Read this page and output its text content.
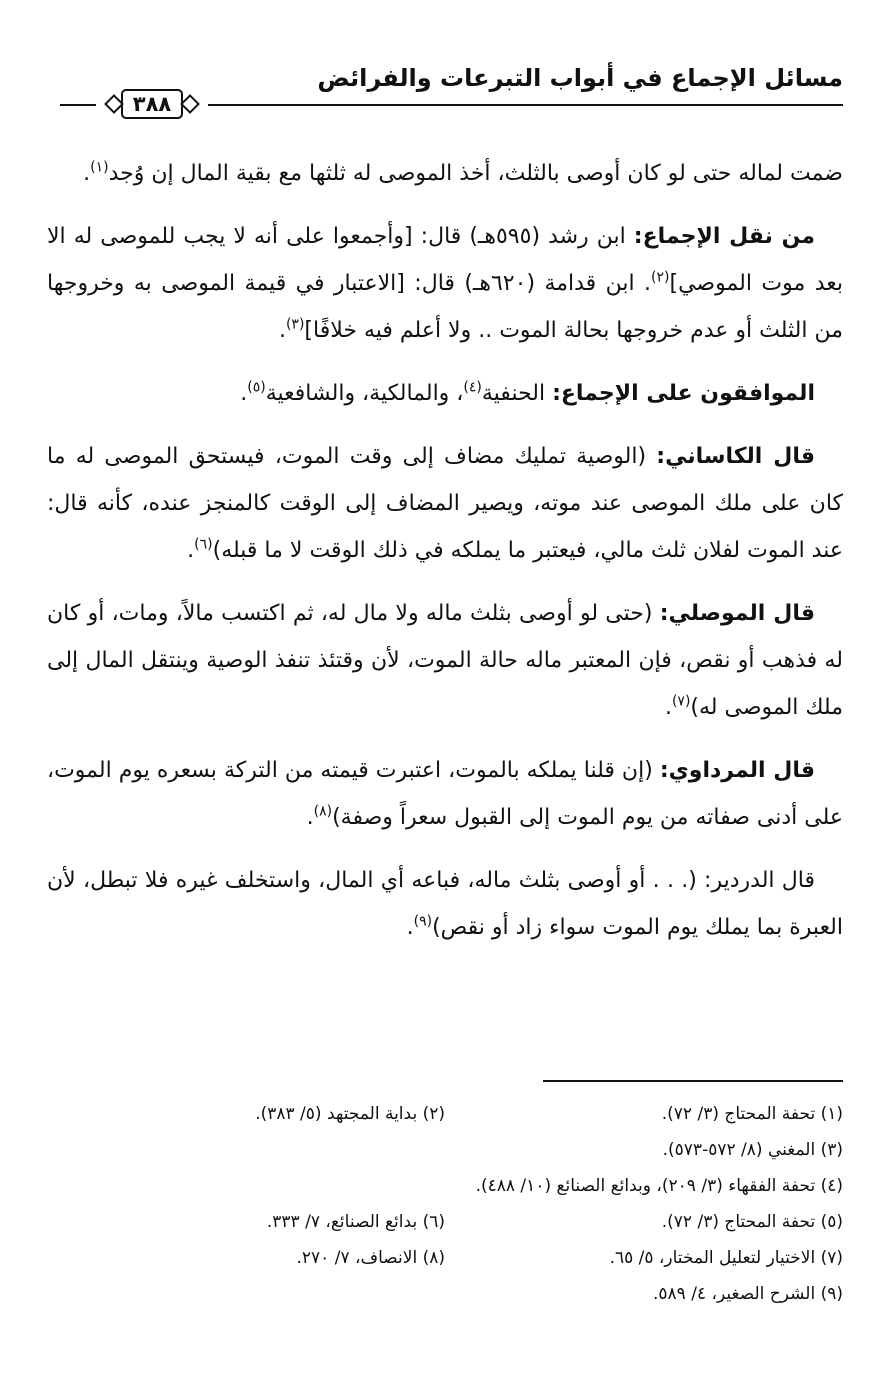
مسائل الإجماع في أبواب التبرعات والفرائض
٣٨٨

ضمت لماله حتى لو كان أوصى بالثلث، أخذ الموصى له ثلثها مع بقية المال إن وُجد$^{(١)}$.

من نقل الإجماع: ابن رشد (٥٩٥هـ) قال: [وأجمعوا على أنه لا يجب للموصى له الا بعد موت الموصي]$^{(٢)}$. ابن قدامة (٦٢٠هـ) قال: [الاعتبار في قيمة الموصى به وخروجها من الثلث أو عدم خروجها بحالة الموت .. ولا أعلم فيه خلافًا]$^{(٣)}$.

الموافقون على الإجماع: الحنفية$^{(٤)}$، والمالكية، والشافعية$^{(٥)}$.

قال الكاساني: (الوصية تمليك مضاف إلى وقت الموت، فيستحق الموصى له ما كان على ملك الموصى عند موته، ويصير المضاف إلى الوقت كالمنجز عنده، كأنه قال: عند الموت لفلان ثلث مالي، فيعتبر ما يملكه في ذلك الوقت لا ما قبله)$^{(٦)}$.

قال الموصلي: (حتى لو أوصى بثلث ماله ولا مال له، ثم اكتسب مالاً، ومات، أو كان له فذهب أو نقص، فإن المعتبر ماله حالة الموت، لأن وقتئذ تنفذ الوصية وينتقل المال إلى ملك الموصى له)$^{(٧)}$.

قال المرداوي: (إن قلنا يملكه بالموت، اعتبرت قيمته من التركة بسعره يوم الموت، على أدنى صفاته من يوم الموت إلى القبول سعراً وصفة)$^{(٨)}$.

قال الدردير: (. . . أو أوصى بثلث ماله، فباعه أي المال، واستخلف غيره فلا تبطل، لأن العبرة بما يملك يوم الموت سواء زاد أو نقص)$^{(٩)}$.

(١) تحفة المحتاج (٣/ ٧٢).
(٢) بداية المجتهد (٥/ ٣٨٣).
(٣) المغني (٨/ ٥٧٢-٥٧٣).
(٤) تحفة الفقهاء (٣/ ٢٠٩)، وبدائع الصنائع (١٠/ ٤٨٨).
(٥) تحفة المحتاج (٣/ ٧٢).
(٦) بدائع الصنائع، ٧/ ٣٣٣.
(٧) الاختيار لتعليل المختار، ٥/ ٦٥.
(٨) الانصاف، ٧/ ٢٧٠.
(٩) الشرح الصغير، ٤/ ٥٨٩.
